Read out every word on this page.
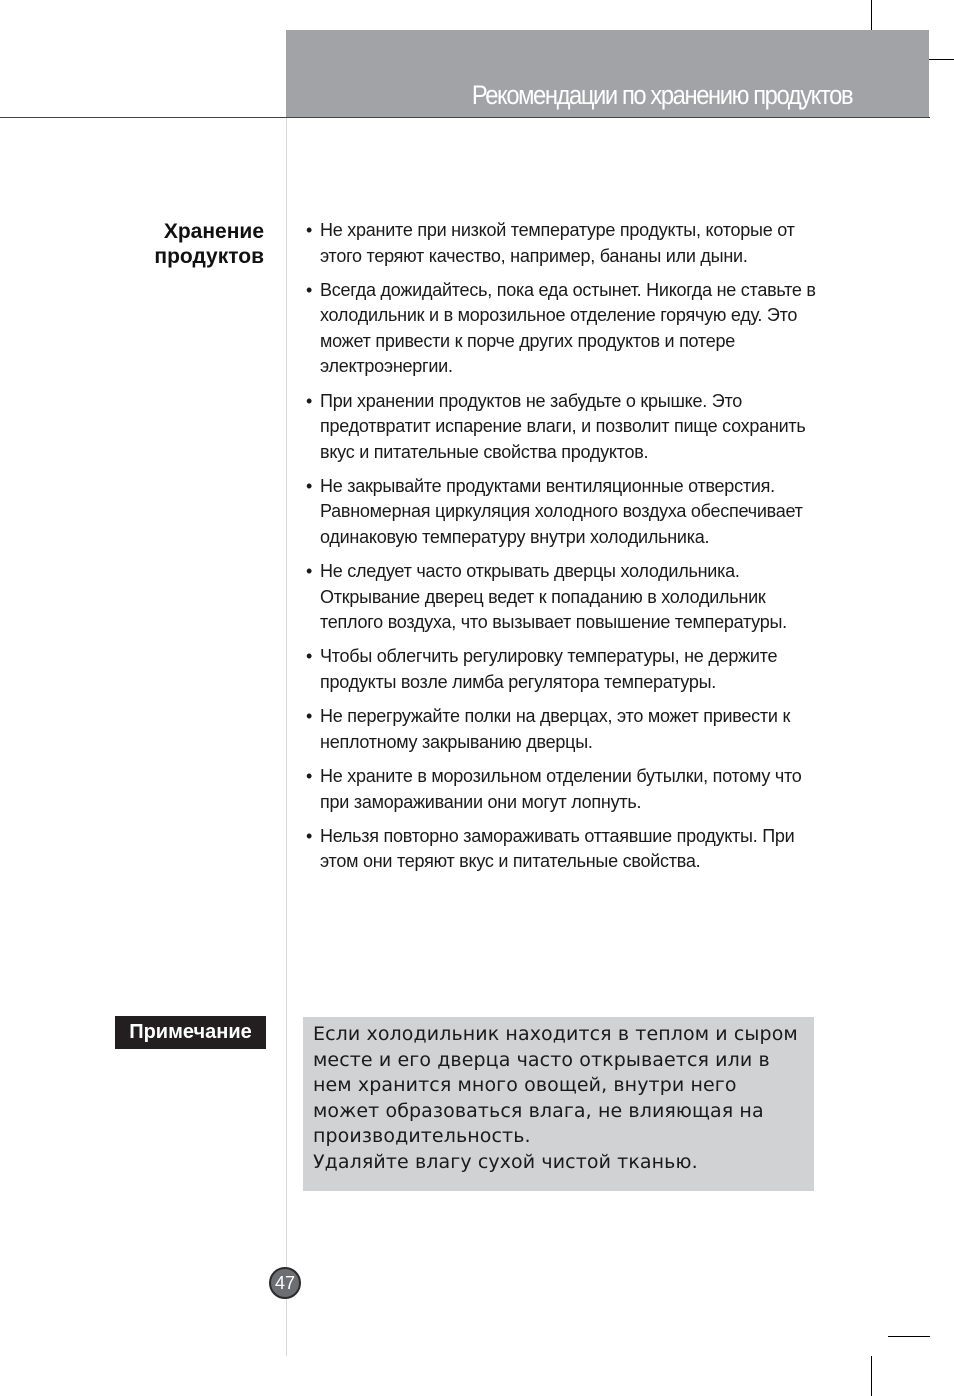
Рекомендации по хранению продуктов
Хранение
продуктов
• Не храните при низкой температуре продукты, которые от этого теряют качество, например, бананы или дыни.
• Всегда дожидайтесь, пока еда остынет. Никогда не ставьте в холодильник и в морозильное отделение горячую еду. Это может привести к порче других продуктов и потере электроэнергии.
• При хранении продуктов не забудьте о крышке. Это предотвратит испарение влаги, и позволит пище сохранить вкус и питательные свойства продуктов.
• Не закрывайте продуктами вентиляционные отверстия. Равномерная циркуляция холодного воздуха обеспечивает одинаковую температуру внутри холодильника.
• Не следует часто открывать дверцы холодильника. Открывание дверец ведет к попаданию в холодильник теплого воздуха, что вызывает повышение температуры.
• Чтобы облегчить регулировку температуры, не держите продукты возле лимба регулятора температуры.
• Не перегружайте полки на дверцах, это может привести к неплотному закрыванию дверцы.
• Не храните в морозильном отделении бутылки, потому что при замораживании они могут лопнуть.
• Нельзя повторно замораживать оттаявшие продукты. При этом они теряют вкус и питательные свойства.
Примечание	Если холодильник находится в теплом и сыром месте и его дверца часто открывается или в нем хранится много овощей, внутри него может образоваться влага, не влияющая на производительность.
Удаляйте влагу сухой чистой тканью.
47
